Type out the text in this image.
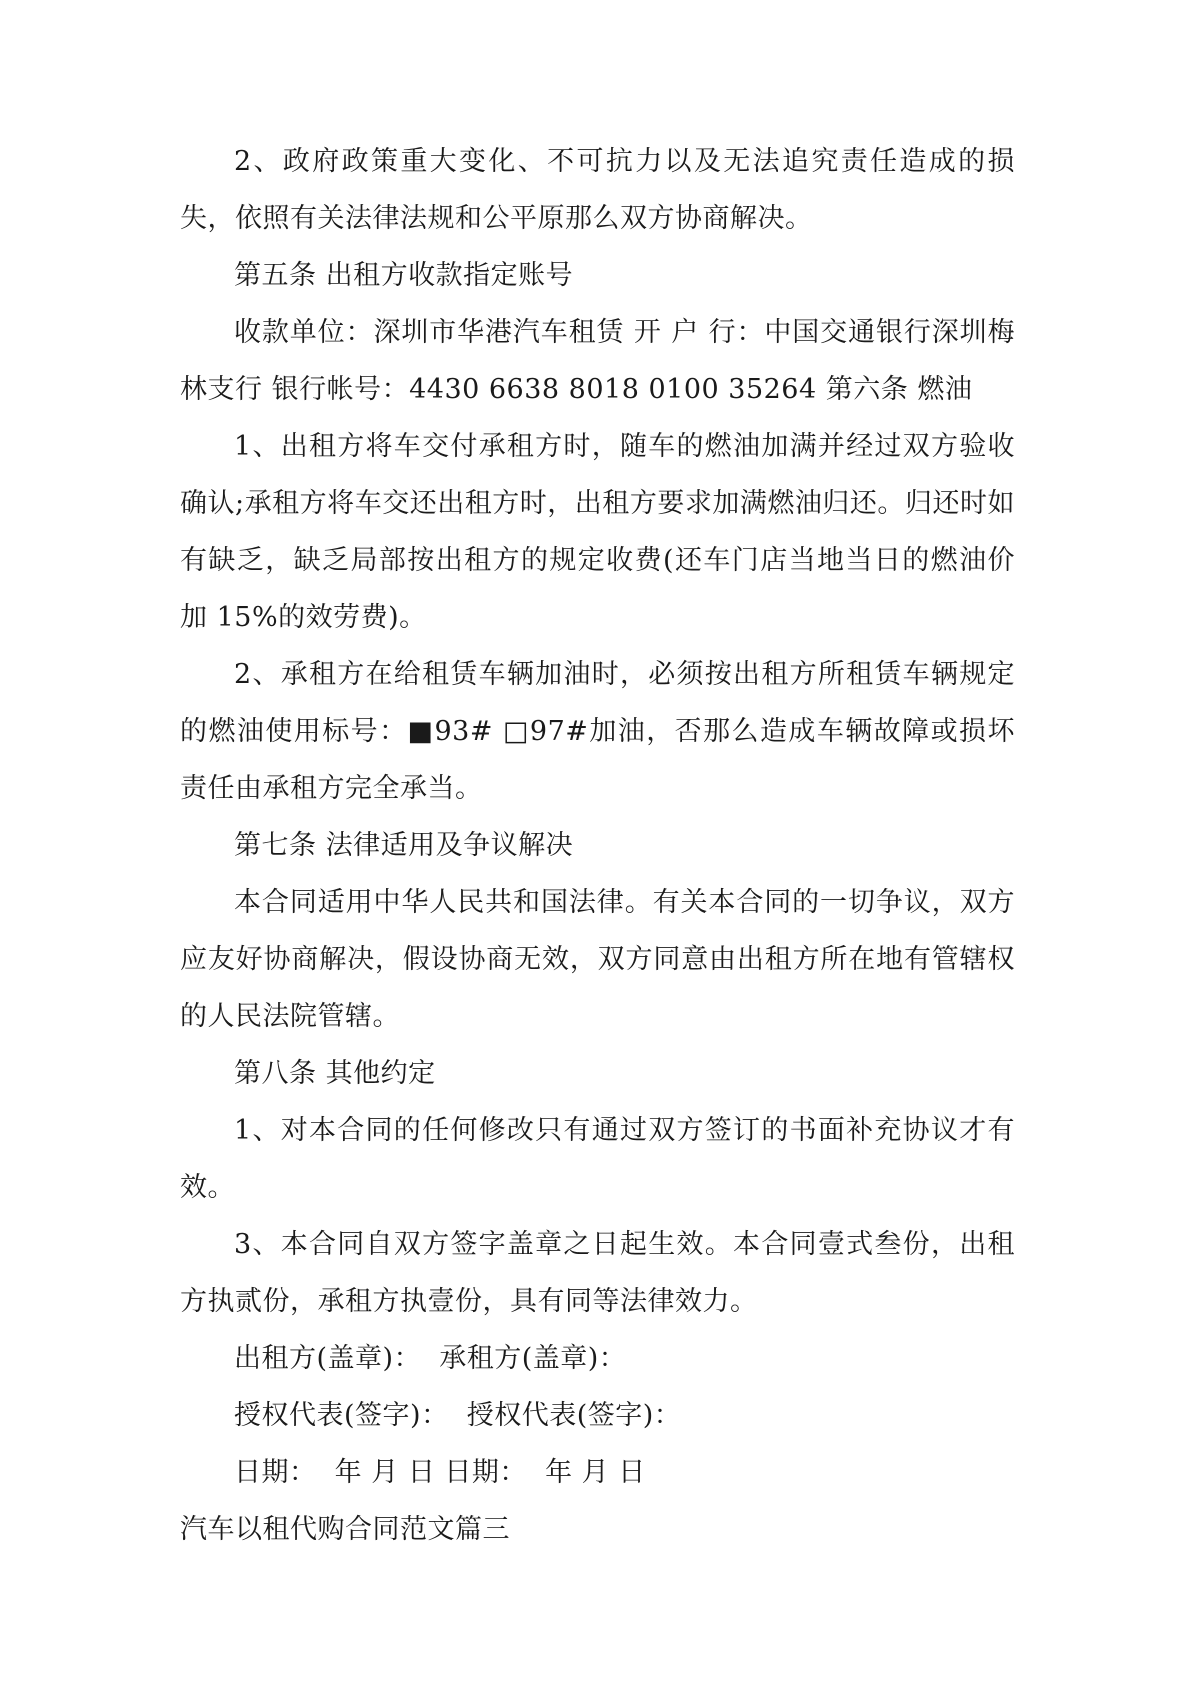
2、政府政策重大变化、不可抗力以及无法追究责任造成的损失，依照有关法律法规和公平原那么双方协商解决。

第五条 出租方收款指定账号

收款单位：深圳市华港汽车租赁 开 户 行：中国交通银行深圳梅林支行 银行帐号：4430 6638 8018 0100 35264 第六条 燃油

1、出租方将车交付承租方时，随车的燃油加满并经过双方验收确认;承租方将车交还出租方时，出租方要求加满燃油归还。归还时如有缺乏，缺乏局部按出租方的规定收费(还车门店当地当日的燃油价加 15%的效劳费)。

2、承租方在给租赁车辆加油时，必须按出租方所租赁车辆规定的燃油使用标号：■93# □97#加油，否那么造成车辆故障或损坏责任由承租方完全承当。

第七条 法律适用及争议解决

本合同适用中华人民共和国法律。有关本合同的一切争议，双方应友好协商解决，假设协商无效，双方同意由出租方所在地有管辖权的人民法院管辖。

第八条 其他约定

1、对本合同的任何修改只有通过双方签订的书面补充协议才有效。

3、本合同自双方签字盖章之日起生效。本合同壹式叁份，出租方执贰份，承租方执壹份，具有同等法律效力。

出租方(盖章)：  承租方(盖章)：

授权代表(签字)：  授权代表(签字)：

日期：  年 月 日 日期：  年 月 日

汽车以租代购合同范文篇三
